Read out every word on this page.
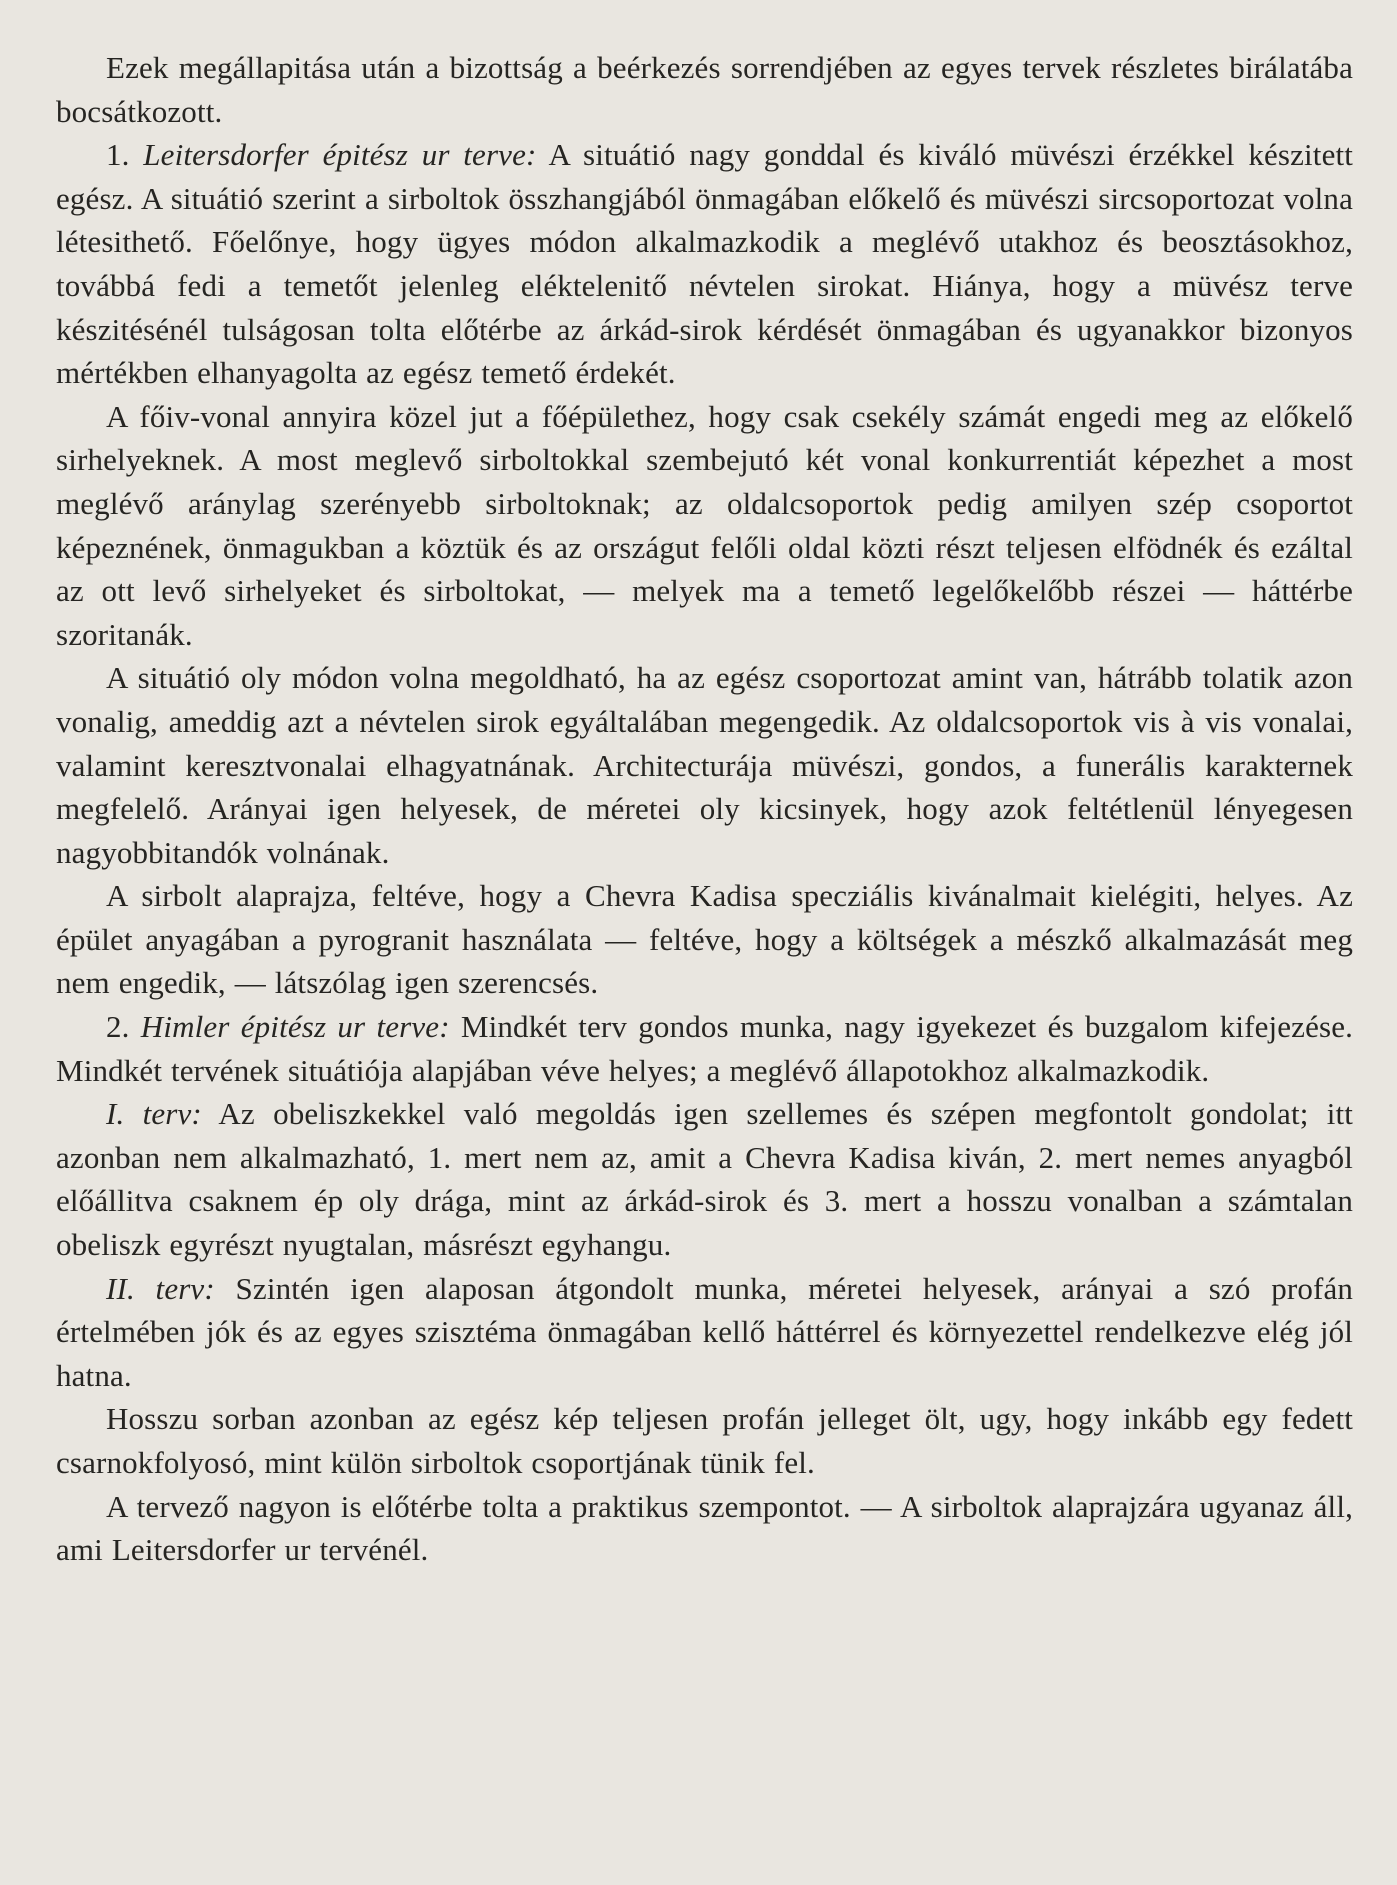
Ezek megállapitása után a bizottság a beérkezés sorrendjében az egyes tervek részletes birálatába bocsátkozott.

1. Leitersdorfer épitész ur terve: A situátió nagy gonddal és kiváló müvészi érzékkel készitett egész. A situátió szerint a sirboltok összhangjából önmagában előkelő és müvészi sircsoportozat volna létesithető. Főelőnye, hogy ügyes módon alkalmazkodik a meglévő utakhoz és beosztásokhoz, továbbá fedi a temetőt jelenleg eléktelenitő névtelen sirokat. Hiánya, hogy a müvész terve készitésénél tulságosan tolta előtérbe az árkád-sirok kérdését önmagában és ugyanakkor bizonyos mértékben elhanyagolta az egész temető érdekét.

A főiv-vonal annyira közel jut a főépülethez, hogy csak csekély számát engedi meg az előkelő sirhelyeknek. A most meglevő sirboltokkal szembejutó két vonal konkurrentiát képezhet a most meglévő aránylag szerényebb sirboltoknak; az oldalcsoportok pedig amilyen szép csoportot képeznének, önmagukban a köztük és az országut felőli oldal közti részt teljesen elfödnék és ezáltal az ott levő sirhelyeket és sirboltokat, — melyek ma a temető legelőkelőbb részei — háttérbe szoritanák.

A situátió oly módon volna megoldható, ha az egész csoportozat amint van, hátrább tolatik azon vonalig, ameddig azt a névtelen sirok egyáltalában megengedik. Az oldalcsoportok vis à vis vonalai, valamint keresztvonalai elhagyatnának. Architecturája müvészi, gondos, a funerális karakternek megfelelő. Arányai igen helyesek, de méretei oly kicsinyek, hogy azok feltétlenül lényegesen nagyobbitandók volnának.

A sirbolt alaprajza, feltéve, hogy a Chevra Kadisa specziális kivánalmait kielégiti, helyes. Az épület anyagában a pyrogranit használata — feltéve, hogy a költségek a mészkő alkalmazását meg nem engedik, — látszólag igen szerencsés.

2. Himler épitész ur terve: Mindkét terv gondos munka, nagy igyekezet és buzgalom kifejezése. Mindkét tervének situátiója alapjában véve helyes; a meglévő állapotokhoz alkalmazkodik.

I. terv: Az obeliszkekkel való megoldás igen szellemes és szépen megfontolt gondolat; itt azonban nem alkalmazható, 1. mert nem az, amit a Chevra Kadisa kiván, 2. mert nemes anyagból előállitva csaknem ép oly drága, mint az árkád-sirok és 3. mert a hosszu vonalban a számtalan obeliszk egyrészt nyugtalan, másrészt egyhangu.

II. terv: Szintén igen alaposan átgondolt munka, méretei helyesek, arányai a szó profán értelmében jók és az egyes szisztéma önmagában kellő háttérrel és környezettel rendelkezve elég jól hatna.

Hosszu sorban azonban az egész kép teljesen profán jelleget ölt, ugy, hogy inkább egy fedett csarnokfolyosó, mint külön sirboltok csoportjának tünik fel.

A tervező nagyon is előtérbe tolta a praktikus szempontot. — A sirboltok alaprajzára ugyanaz áll, ami Leitersdorfer ur tervénél.
